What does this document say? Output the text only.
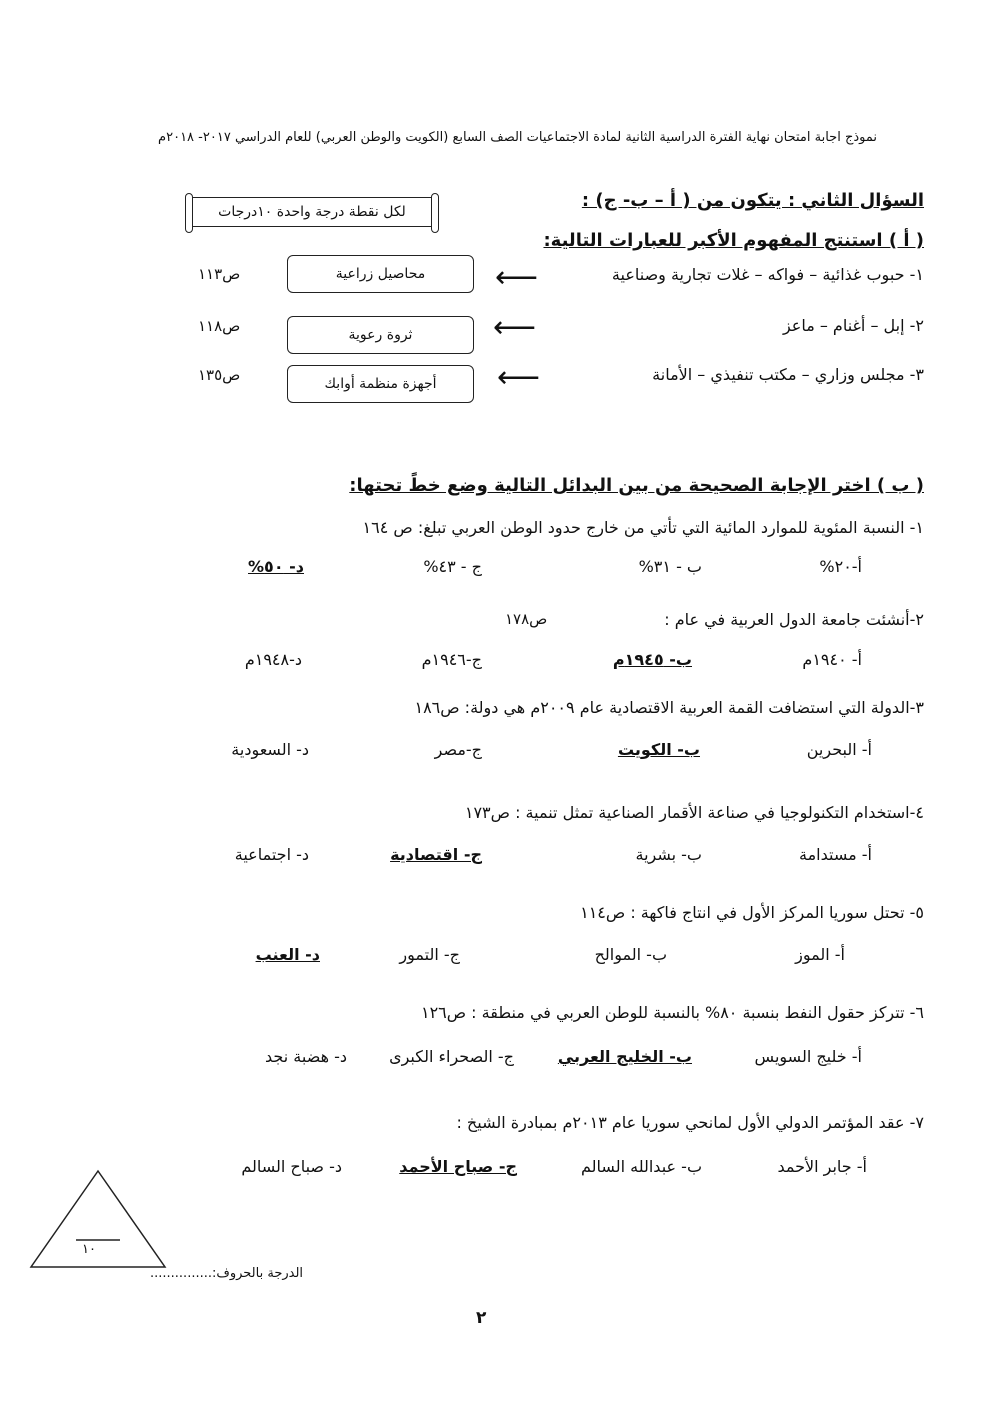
نموذج اجابة امتحان نهاية الفترة الدراسية الثانية لمادة الاجتماعيات الصف السابع (الكويت والوطن العربي) للعام الدراسي ٢٠١٧- ٢٠١٨م
السؤال الثاني : يتكون من ( أ – ب- ج) :
لكل نقطة درجة واحدة ١٠درجات
( أ ) استنتج المفهوم الأكبر للعبارات التالية:
١- حبوب غذائية – فواكه – غلات تجارية وصناعية
⟵
محاصيل زراعية
ص١١٣
٢- إبل – أغنام – ماعز
⟵
ثروة رعوية
ص١١٨
٣- مجلس وزاري – مكتب تنفيذي – الأمانة
⟵
أجهزة منظمة أوابك
ص١٣٥
( ب ) اختر الإجابة الصحيحة من بين البدائل التالية وضع خطً تحتها:
١- النسبة المئوية للموارد المائية التي تأتي من خارج حدود الوطن العربي تبلغ: ص ١٦٤
أ-٢٠%
ب - ٣١%
ج - ٤٣%
د- ٥٠%
٢-أنشئت جامعة الدول العربية في عام :
ص١٧٨
أ- ١٩٤٠م
ب- ١٩٤٥م
ج-١٩٤٦م
د-١٩٤٨م
٣-الدولة التي استضافت القمة العربية الاقتصادية عام ٢٠٠٩م هي دولة: ص١٨٦
أ- البحرين
ب- الكويت
ج-مصر
د- السعودية
٤-استخدام التكنولوجيا في صناعة الأقمار الصناعية تمثل تنمية : ص١٧٣
أ- مستدامة
ب- بشرية
ج- اقتصادية
د- اجتماعية
٥- تحتل سوريا المركز الأول في انتاج فاكهة : ص١١٤
أ- الموز
ب- الموالح
ج- التمور
د- العنب
٦- تتركز حقول النفط بنسبة ٨٠% بالنسبة للوطن العربي في منطقة : ص١٢٦
أ- خليج السويس
ب- الخليج العربي
ج- الصحراء الكبرى
د- هضبة نجد
٧- عقد المؤتمر الدولي الأول لمانحي سوريا عام ٢٠١٣م بمبادرة الشيخ :
أ- جابر الأحمد
ب- عبدالله السالم
ج- صباح الأحمد
د- صباح السالم
١٠
الدرجة بالحروف:...............
٢
